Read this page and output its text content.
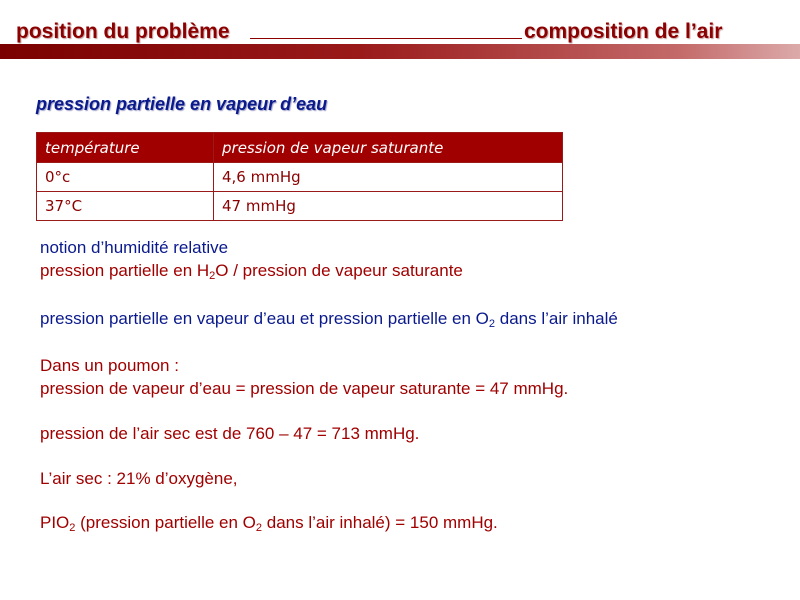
position du problème	composition de l’air
pression partielle en vapeur d’eau
température	pression de vapeur saturante
0°c	4,6 mmHg
37°C	47 mmHg
notion d’humidité relative
pression partielle en $H_2O$ / pression de vapeur saturante
pression partielle en vapeur d’eau et pression partielle en $O_2$ dans l’air inhalé
Dans un poumon :
pression de vapeur d’eau = pression de vapeur saturante = 47 mmHg.
pression de l’air sec est de 760 – 47 = 713 mmHg.
L’air sec : 21% d’oxygène,
$PIO_2$ (pression partielle en $O_2$ dans l’air inhalé) = 150 mmHg.
